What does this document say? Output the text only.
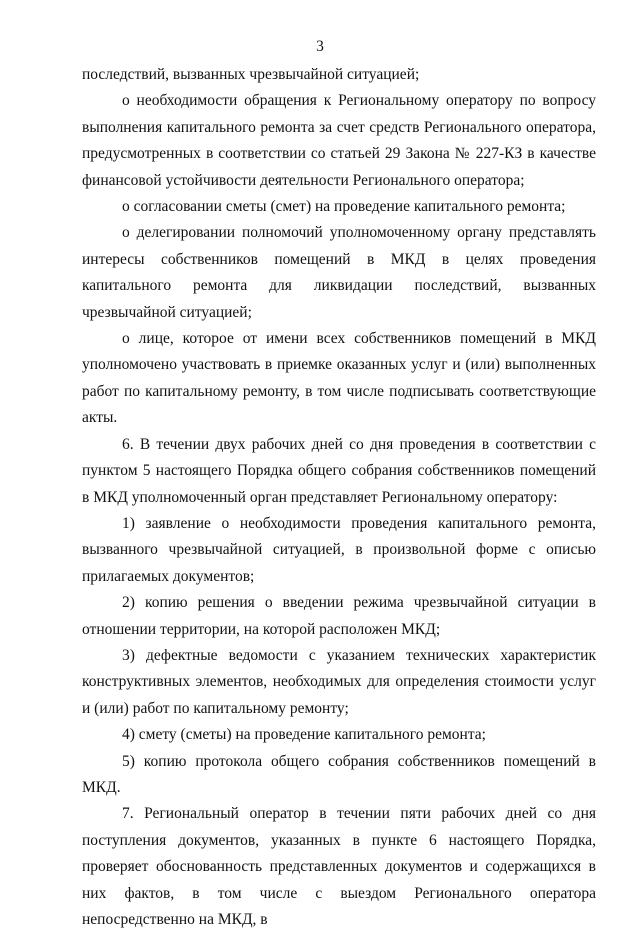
3

последствий, вызванных чрезвычайной ситуацией;

о необходимости обращения к Региональному оператору по вопросу выполнения капитального ремонта за счет средств Регионального оператора, предусмотренных в соответствии со статьей 29 Закона № 227-КЗ в качестве финансовой устойчивости деятельности Регионального оператора;

о согласовании сметы (смет) на проведение капитального ремонта;

о делегировании полномочий уполномоченному органу представлять интересы собственников помещений в МКД в целях проведения капитального ремонта для ликвидации последствий, вызванных чрезвычайной ситуацией;

о лице, которое от имени всех собственников помещений в МКД уполномочено участвовать в приемке оказанных услуг и (или) выполненных работ по капитальному ремонту, в том числе подписывать соответствующие акты.

6. В течении двух рабочих дней со дня проведения в соответствии с пунктом 5 настоящего Порядка общего собрания собственников помещений в МКД уполномоченный орган представляет Региональному оператору:

1) заявление о необходимости проведения капитального ремонта, вызванного чрезвычайной ситуацией, в произвольной форме с описью прилагаемых документов;

2) копию решения о введении режима чрезвычайной ситуации в отношении территории, на которой расположен МКД;

3) дефектные ведомости с указанием технических характеристик конструктивных элементов, необходимых для определения стоимости услуг и (или) работ по капитальному ремонту;

4) смету (сметы) на проведение капитального ремонта;

5) копию протокола общего собрания собственников помещений в МКД.

7. Региональный оператор в течении пяти рабочих дней со дня поступления документов, указанных в пункте 6 настоящего Порядка, проверяет обоснованность представленных документов и содержащихся в них фактов, в том числе с выездом Регионального оператора непосредственно на МКД, в
